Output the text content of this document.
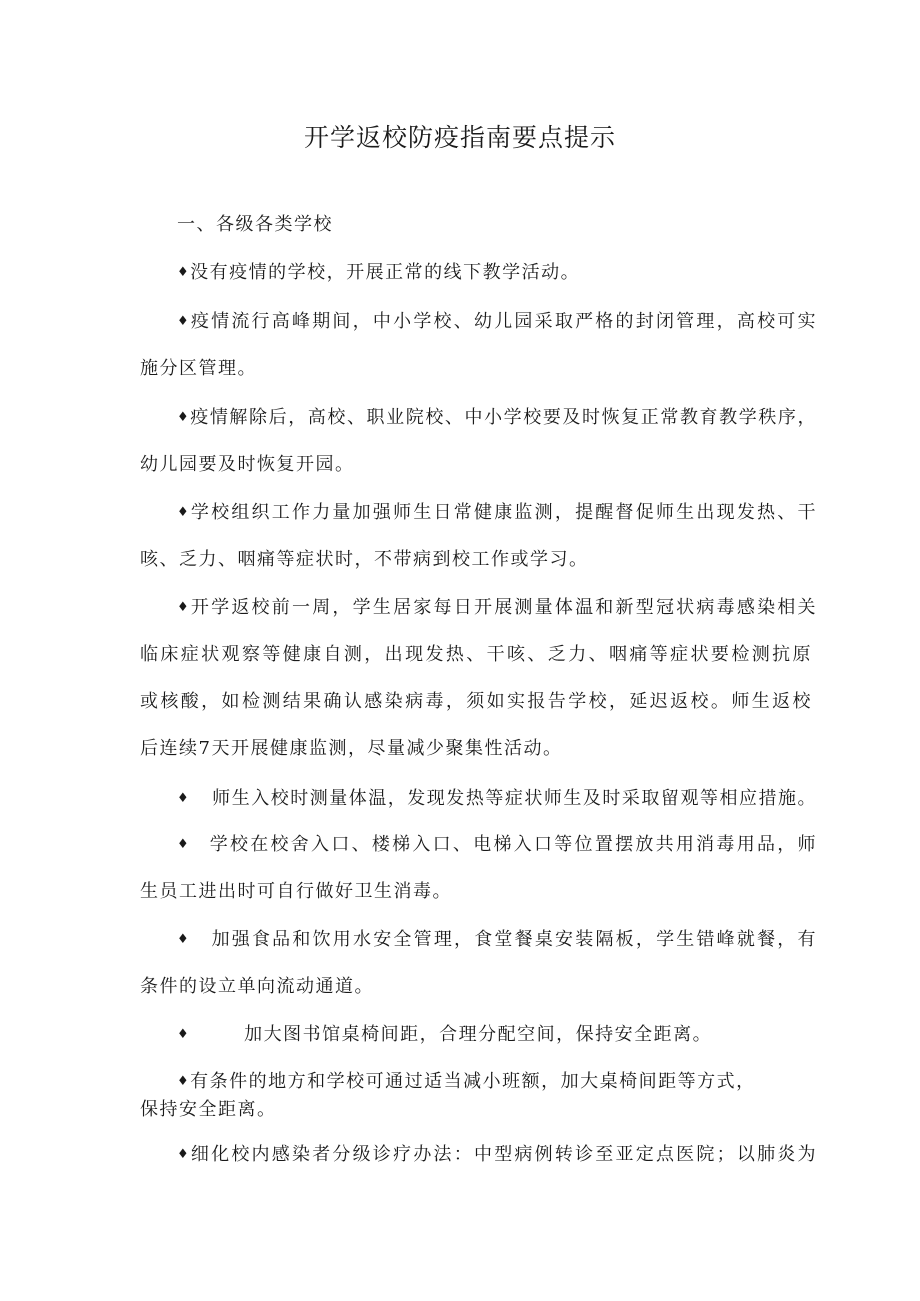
开学返校防疫指南要点提示

一、各级各类学校

♦没有疫情的学校，开展正常的线下教学活动。

♦疫情流行高峰期间，中小学校、幼儿园采取严格的封闭管理，高校可实

施分区管理。

♦疫情解除后，高校、职业院校、中小学校要及时恢复正常教育教学秩序，

幼儿园要及时恢复开园。

♦学校组织工作力量加强师生日常健康监测，提醒督促师生出现发热、干

咳、乏力、咽痛等症状时，不带病到校工作或学习。

♦开学返校前一周，学生居家每日开展测量体温和新型冠状病毒感染相关

临床症状观察等健康自测，出现发热、干咳、乏力、咽痛等症状要检测抗原

或核酸，如检测结果确认感染病毒，须如实报告学校，延迟返校。师生返校

后连续7天开展健康监测，尽量减少聚集性活动。

♦ 师生入校时测量体温，发现发热等症状师生及时采取留观等相应措施。

♦ 学校在校舍入口、楼梯入口、电梯入口等位置摆放共用消毒用品，师

生员工进出时可自行做好卫生消毒。

♦ 加强食品和饮用水安全管理，食堂餐桌安装隔板，学生错峰就餐，有

条件的设立单向流动通道。

♦	加大图书馆桌椅间距，合理分配空间，保持安全距离。

♦有条件的地方和学校可通过适当减小班额，加大桌椅间距等方式，

保持安全距离。

♦细化校内感染者分级诊疗办法：中型病例转诊至亚定点医院；以肺炎为
